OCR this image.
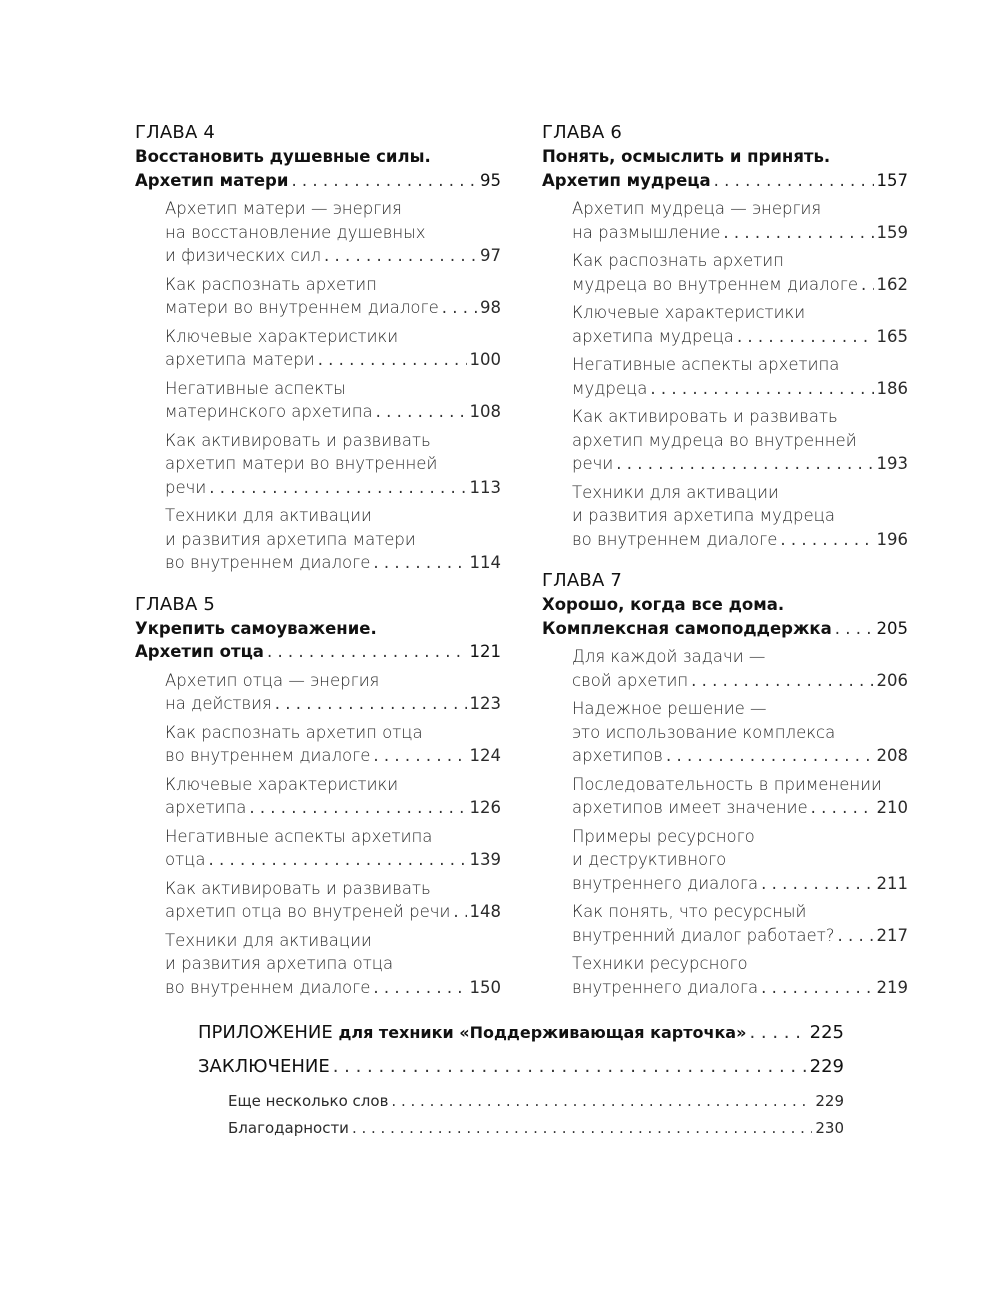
ГЛАВА 4
Восстановить душевные силы.
Архетип матери . . .	95
Архетип матери — энергия
на восстановление душевных
и физических сил . . .	97
Как распознать архетип
матери во внутреннем диалоге . . .	98
Ключевые характеристики
архетипа матери . . .	100
Негативные аспекты
материнского архетипа . . .	108
Как активировать и развивать
архетип матери во внутренней
речи . . .	113
Техники для активации
и развития архетипа матери
во внутреннем диалоге . . .	114
ГЛАВА 5
Укрепить самоуважение.
Архетип отца . . .	121
Архетип отца — энергия
на действия . . .	123
Как распознать архетип отца
во внутреннем диалоге . . .	124
Ключевые характеристики
архетипа . . .	126
Негативные аспекты архетипа
отца . . .	139
Как активировать и развивать
архетип отца во внутреней речи . . . 148
Техники для активации
и развития архетипа отца
во внутреннем диалоге . . .	150
ГЛАВА 6
Понять, осмыслить и принять.
Архетип мудреца . . .	157
Архетип мудреца — энергия
на размышление . . .	159
Как распознать архетип
мудреца во внутреннем диалоге . . . 162
Ключевые характеристики
архетипа мудреца . . .	165
Негативные аспекты архетипа
мудреца . . .	186
Как активировать и развивать
архетип мудреца во внутренней
речи . . .	193
Техники для активации
и развития архетипа мудреца
во внутреннем диалоге . . .	196
ГЛАВА 7
Хорошо, когда все дома.
Комплексная самоподдержка . . .	205
Для каждой задачи —
свой архетип . . .	206
Надежное решение —
это использование комплекса
архетипов . . .	208
Последовательность в применении
архетипов имеет значение . . .	210
Примеры ресурсного
и деструктивного
внутреннего диалога . . .	211
Как понять, что ресурсный
внутренний диалог работает? . . .	217
Техники ресурсного
внутреннего диалога . . .	219
ПРИЛОЖЕНИЕ для техники «Поддерживающая карточка» . . .	225
ЗАКЛЮЧЕНИЕ . . .	229
Еще несколько слов . . .	229
Благодарности . . .	230
